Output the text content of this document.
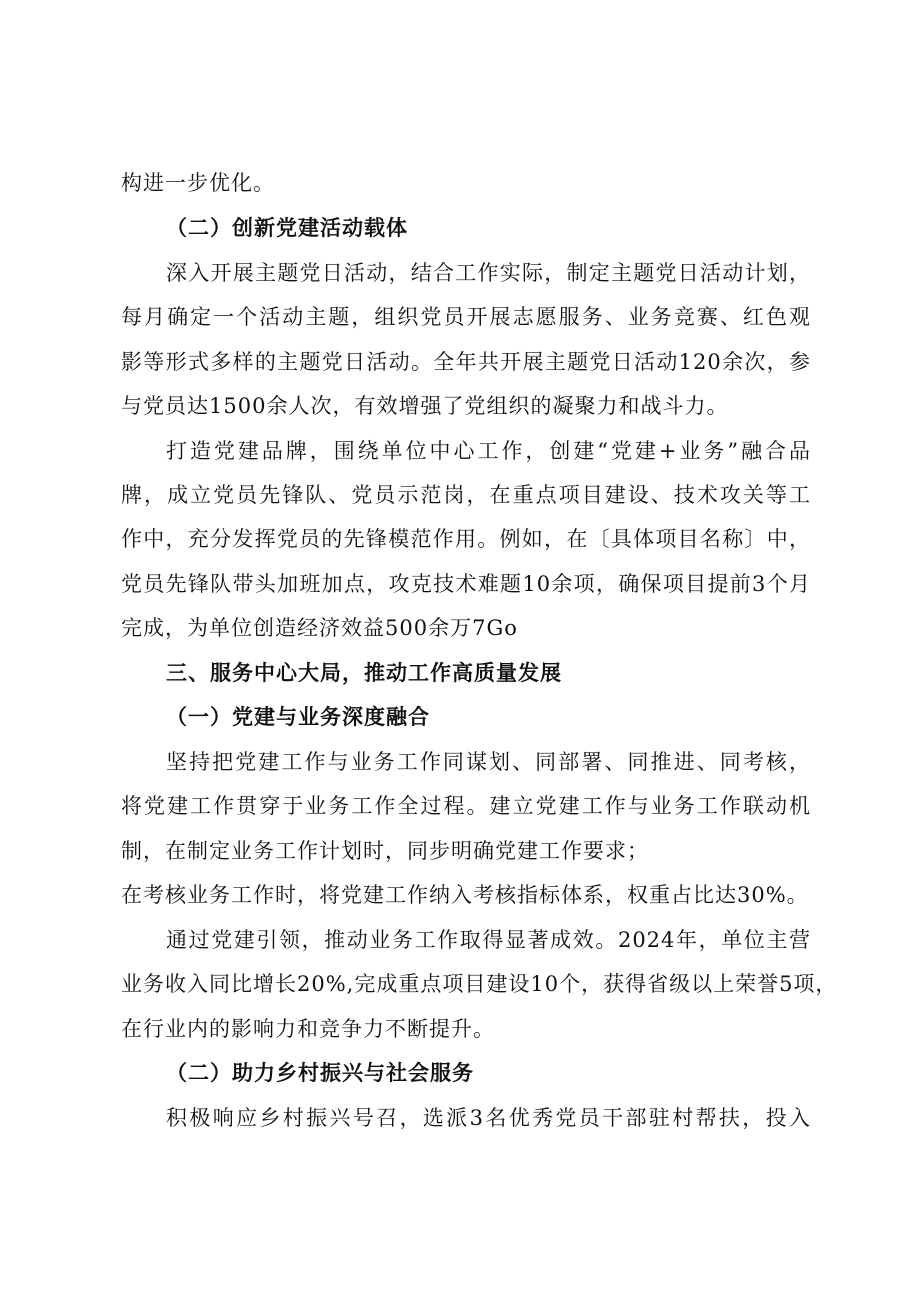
构进一步优化。
（二）创新党建活动载体
深入开展主题党日活动，结合工作实际，制定主题党日活动计划，
每月确定一个活动主题，组织党员开展志愿服务、业务竞赛、红色观
影等形式多样的主题党日活动。全年共开展主题党日活动120余次，参
与党员达1500余人次，有效增强了党组织的凝聚力和战斗力。
打造党建品牌，围绕单位中心工作，创建“党建+业务”融合品
牌，成立党员先锋队、党员示范岗，在重点项目建设、技术攻关等工
作中，充分发挥党员的先锋模范作用。例如，在〔具体项目名称〕中，
党员先锋队带头加班加点，攻克技术难题10余项，确保项目提前3个月
完成，为单位创造经济效益500余万7Go
三、服务中心大局，推动工作高质量发展
（一）党建与业务深度融合
坚持把党建工作与业务工作同谋划、同部署、同推进、同考核，
将党建工作贯穿于业务工作全过程。建立党建工作与业务工作联动机
制，在制定业务工作计划时，同步明确党建工作要求；
在考核业务工作时，将党建工作纳入考核指标体系，权重占比达30%。
通过党建引领，推动业务工作取得显著成效。2024年，单位主营
业务收入同比增长20%,完成重点项目建设10个，获得省级以上荣誉5项，
在行业内的影响力和竞争力不断提升。
（二）助力乡村振兴与社会服务
积极响应乡村振兴号召，选派3名优秀党员干部驻村帮扶，投入
